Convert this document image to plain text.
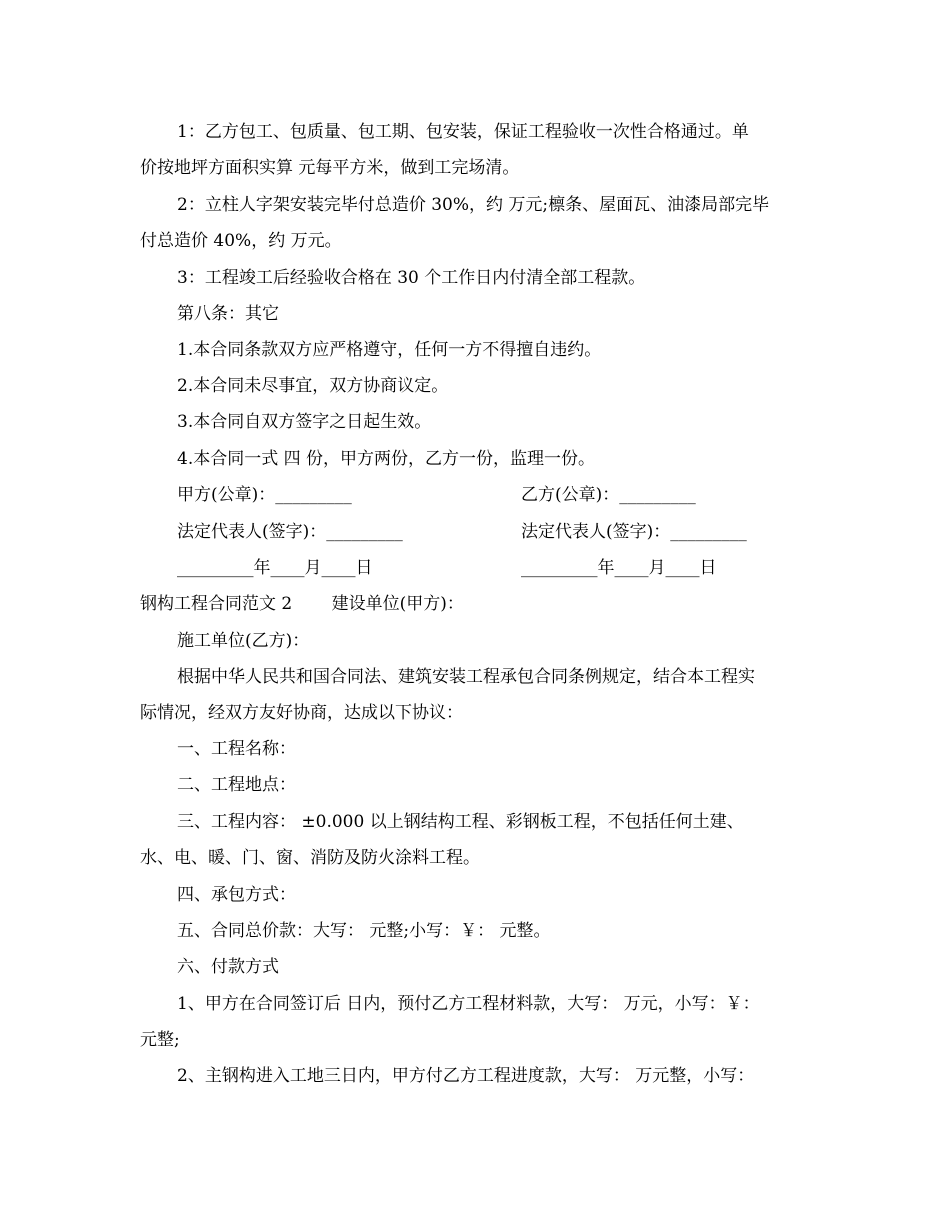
1：乙方包工、包质量、包工期、包安装，保证工程验收一次性合格通过。单
价按地坪方面积实算 元每平方米，做到工完场清。
2：立柱人字架安装完毕付总造价 30%，约 万元;檩条、屋面瓦、油漆局部完毕
付总造价 40%，约 万元。
3：工程竣工后经验收合格在 30 个工作日内付清全部工程款。
第八条：其它
1.本合同条款双方应严格遵守，任何一方不得擅自违约。
2.本合同未尽事宜，双方协商议定。
3.本合同自双方签字之日起生效。
4.本合同一式 四 份，甲方两份，乙方一份，监理一份。
甲方(公章)：_________	乙方(公章)：_________
法定代表人(签字)：_________	法定代表人(签字)：_________
_________年____月____日	_________年____月____日
钢构工程合同范文 2　　 建设单位(甲方)：
施工单位(乙方)：
根据中华人民共和国合同法、建筑安装工程承包合同条例规定，结合本工程实
际情况，经双方友好协商，达成以下协议：
一、工程名称：
二、工程地点：
三、工程内容： ±0.000 以上钢结构工程、彩钢板工程，不包括任何土建、
水、电、暖、门、窗、消防及防火涂料工程。
四、承包方式：
五、合同总价款：大写： 元整;小写：￥： 元整。
六、付款方式
1、甲方在合同签订后 日内，预付乙方工程材料款，大写： 万元，小写：￥：
元整;
2、主钢构进入工地三日内，甲方付乙方工程进度款，大写： 万元整，小写：
